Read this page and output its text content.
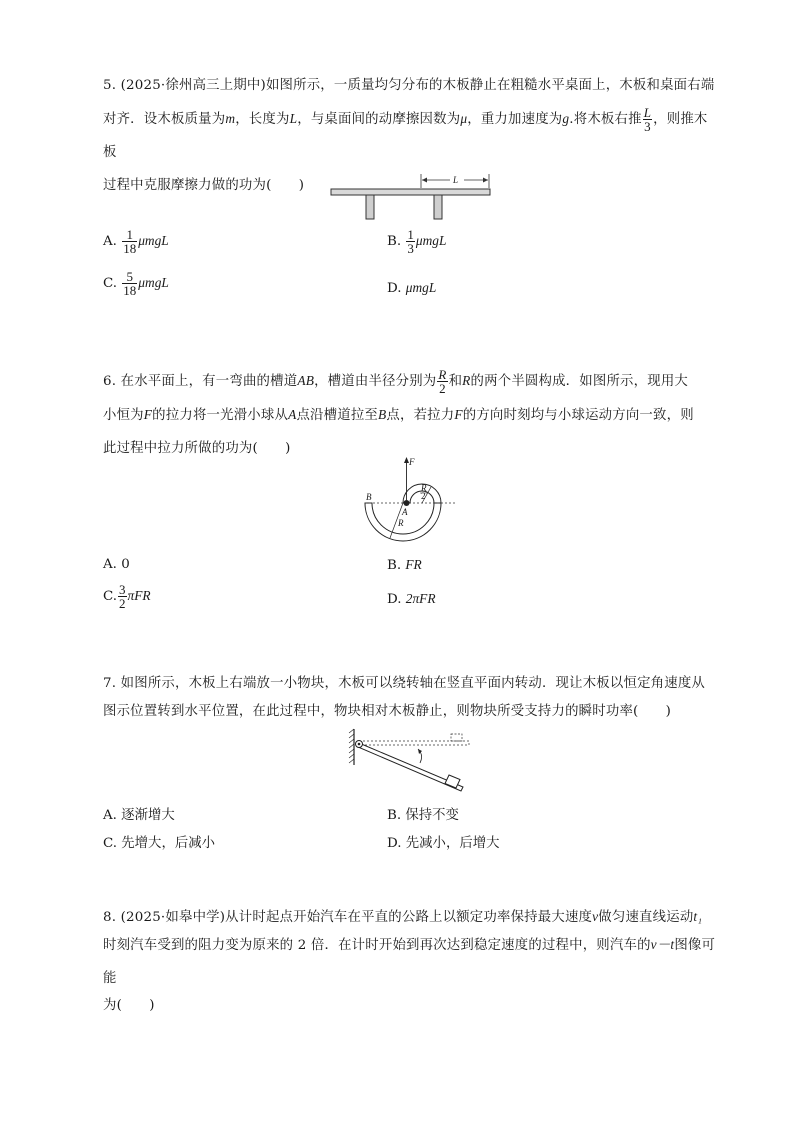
5. (2025·徐州高三上期中)如图所示，一质量均匀分布的木板静止在粗糙水平桌面上，木板和桌面右端

对齐．设木板质量为m，长度为L，与桌面间的动摩擦因数为μ，重力加速度为g.将木板右推 $\frac{L}{3}$ ，则推木板

过程中克服摩擦力做的功为(　　)	L
A. $\frac{1}{18}$ μmgL	B. $\frac{1}{3}$ μmgL
C. $\frac{5}{18}$ μmgL	D. μmgL

6. 在水平面上，有一弯曲的槽道AB，槽道由半径分别为 $\frac{R}{2}$ 和R的两个半圆构成．如图所示，现用大

小恒为F的拉力将一光滑小球从A点沿槽道拉至B点，若拉力F的方向时刻均与小球运动方向一致，则

此过程中拉力所做的功为(　　)

F
B
A
R
R
2
A. 0	B. FR
C. $\frac{3}{2}$ πFR	D. 2πFR

7. 如图所示，木板上右端放一小物块，木板可以绕转轴在竖直平面内转动．现让木板以恒定角速度从

图示位置转到水平位置，在此过程中，物块相对木板静止，则物块所受支持力的瞬时功率(　　)

A. 逐渐增大	B. 保持不变
C. 先增大，后减小	D. 先减小，后增大

8. (2025·如皋中学)从计时起点开始汽车在平直的公路上以额定功率保持最大速度v做匀速直线运动t₁

时刻汽车受到的阻力变为原来的 2 倍．在计时开始到再次达到稳定速度的过程中，则汽车的v－t图像可能

为(　　)
